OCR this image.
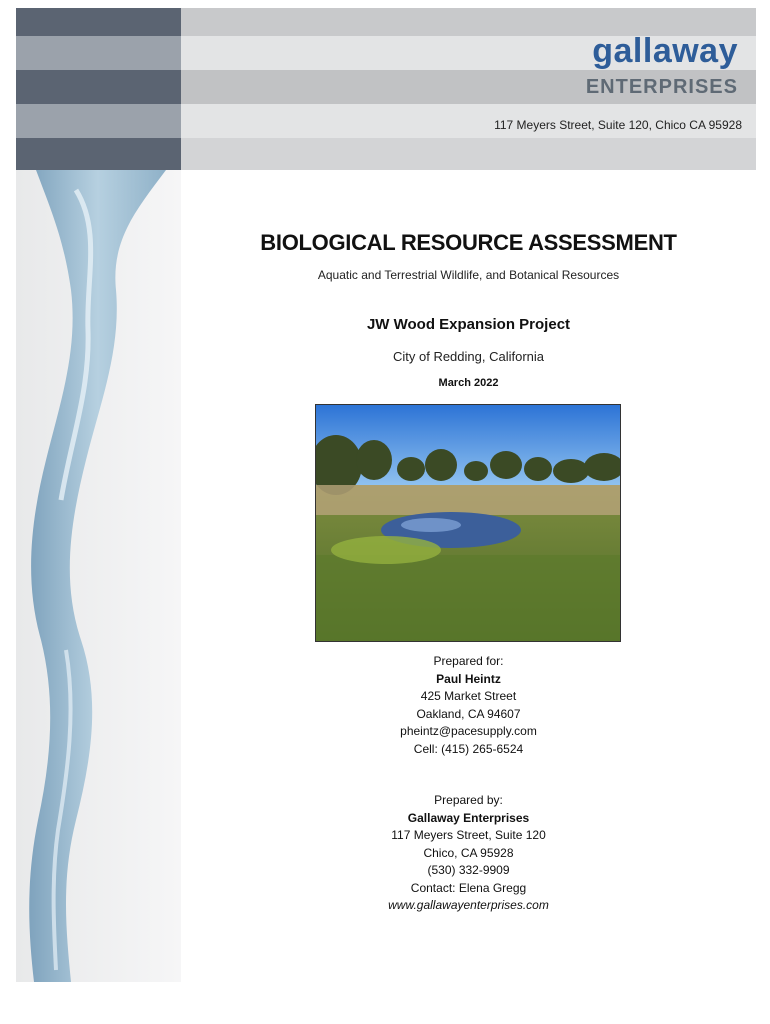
gallaway
ENTERPRISES
117 Meyers Street, Suite 120, Chico CA 95928
BIOLOGICAL RESOURCE ASSESSMENT
Aquatic and Terrestrial Wildlife, and Botanical Resources
JW Wood Expansion Project
City of Redding, California
March 2022
Prepared for:
Paul Heintz
425 Market Street
Oakland, CA 94607
pheintz@pacesupply.com
Cell: (415) 265-6524
Prepared by:
Gallaway Enterprises
117 Meyers Street, Suite 120
Chico, CA 95928
(530) 332-9909
Contact: Elena Gregg
www.gallawayenterprises.com
